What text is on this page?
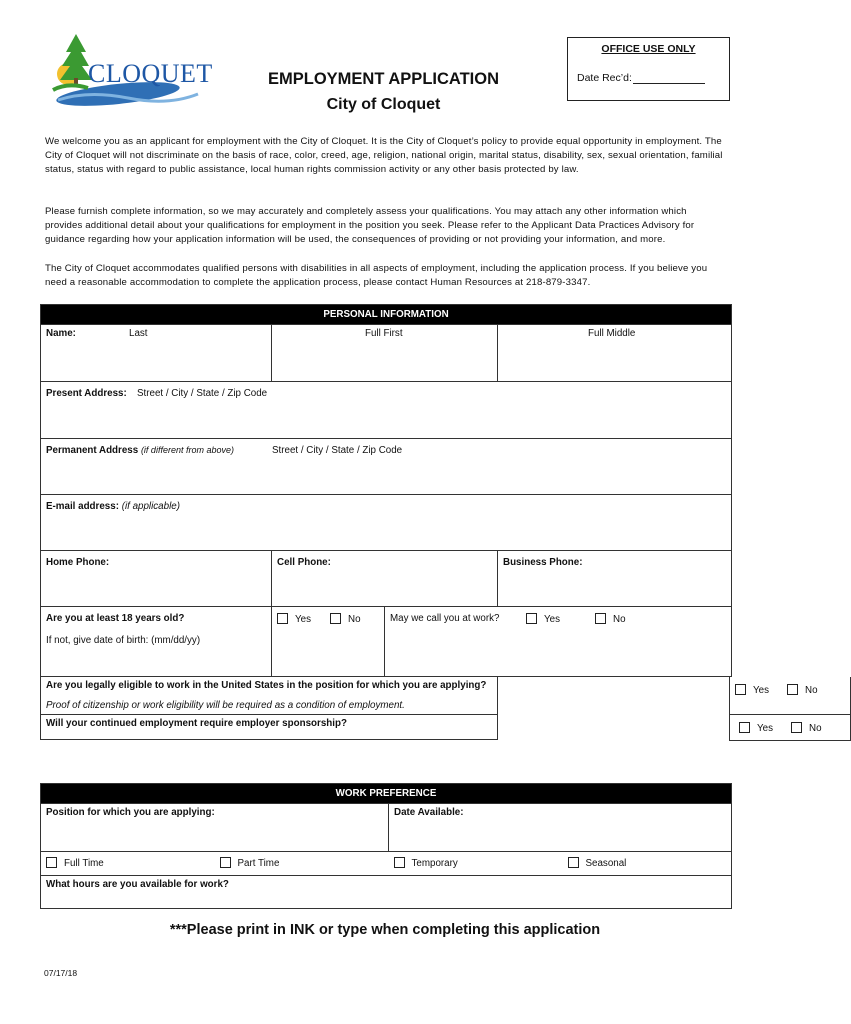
CLOQUET
OFFICE USE ONLY
Date Rec’d:
EMPLOYMENT APPLICATION
City of Cloquet
We welcome you as an applicant for employment with the City of Cloquet. It is the City of Cloquet’s policy to provide equal opportunity in employment. The City of Cloquet will not discriminate on the basis of race, color, creed, age, religion, national origin, marital status, disability, sex, sexual orientation, familial status, status with regard to public assistance, local human rights commission activity or any other basis protected by law.
Please furnish complete information, so we may accurately and completely assess your qualifications. You may attach any other information which provides additional detail about your qualifications for employment in the position you seek. Please refer to the Applicant Data Practices Advisory for guidance regarding how your application information will be used, the consequences of providing or not providing your information, and more.
The City of Cloquet accommodates qualified persons with disabilities in all aspects of employment, including the application process. If you believe you need a reasonable accommodation to complete the application process, please contact Human Resources at 218-879-3347.
PERSONAL INFORMATION			

Name: Last	Full First		Full Middle

Present Address: Street / City / State / Zip Code			

Permanent Address (if different from above) Street / City / State / Zip Code			

E-mail address: (if applicable)			

Home Phone:	Cell Phone:		Business Phone:

Are you at least 18 years old?
If not, give date of birth: (mm/dd/yy)	Yes No	May we call you at work? Yes No	

Are you legally eligible to work in the United States in the position for which you are applying?
Proof of citizenship or work eligibility will be required as a condition of employment.			Yes No

Will your continued employment require employer sponsorship?			Yes No
WORK PREFERENCE			

Position for which you are applying:		Date Available:	

Full Time	Part Time	Temporary	Seasonal

What hours are you available for work?			
***Please print in INK or type when completing this application
07/17/18
